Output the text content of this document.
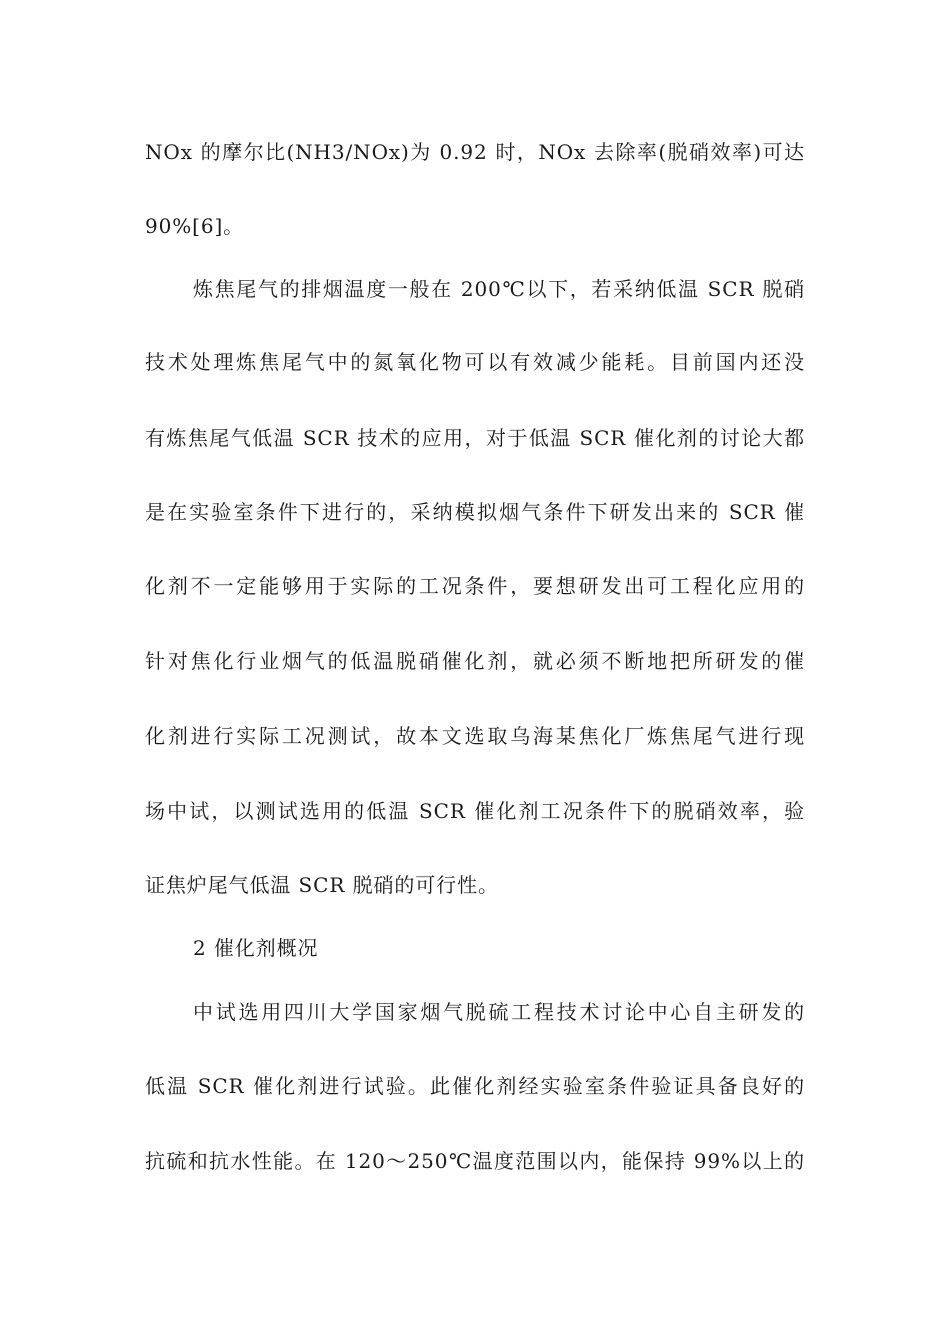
NOx 的摩尔比(NH3/NOx)为 0.92 时，NOx 去除率(脱硝效率)可达
90%[6]。
炼焦尾气的排烟温度一般在 200℃以下，若采纳低温 SCR 脱硝
技术处理炼焦尾气中的氮氧化物可以有效减少能耗。目前国内还没
有炼焦尾气低温 SCR 技术的应用，对于低温 SCR 催化剂的讨论大都
是在实验室条件下进行的，采纳模拟烟气条件下研发出来的 SCR 催
化剂不一定能够用于实际的工况条件，要想研发出可工程化应用的
针对焦化行业烟气的低温脱硝催化剂，就必须不断地把所研发的催
化剂进行实际工况测试，故本文选取乌海某焦化厂炼焦尾气进行现
场中试，以测试选用的低温 SCR 催化剂工况条件下的脱硝效率，验
证焦炉尾气低温 SCR 脱硝的可行性。
2 催化剂概况
中试选用四川大学国家烟气脱硫工程技术讨论中心自主研发的
低温 SCR 催化剂进行试验。此催化剂经实验室条件验证具备良好的
抗硫和抗水性能。在 120～250℃温度范围以内，能保持 99%以上的
